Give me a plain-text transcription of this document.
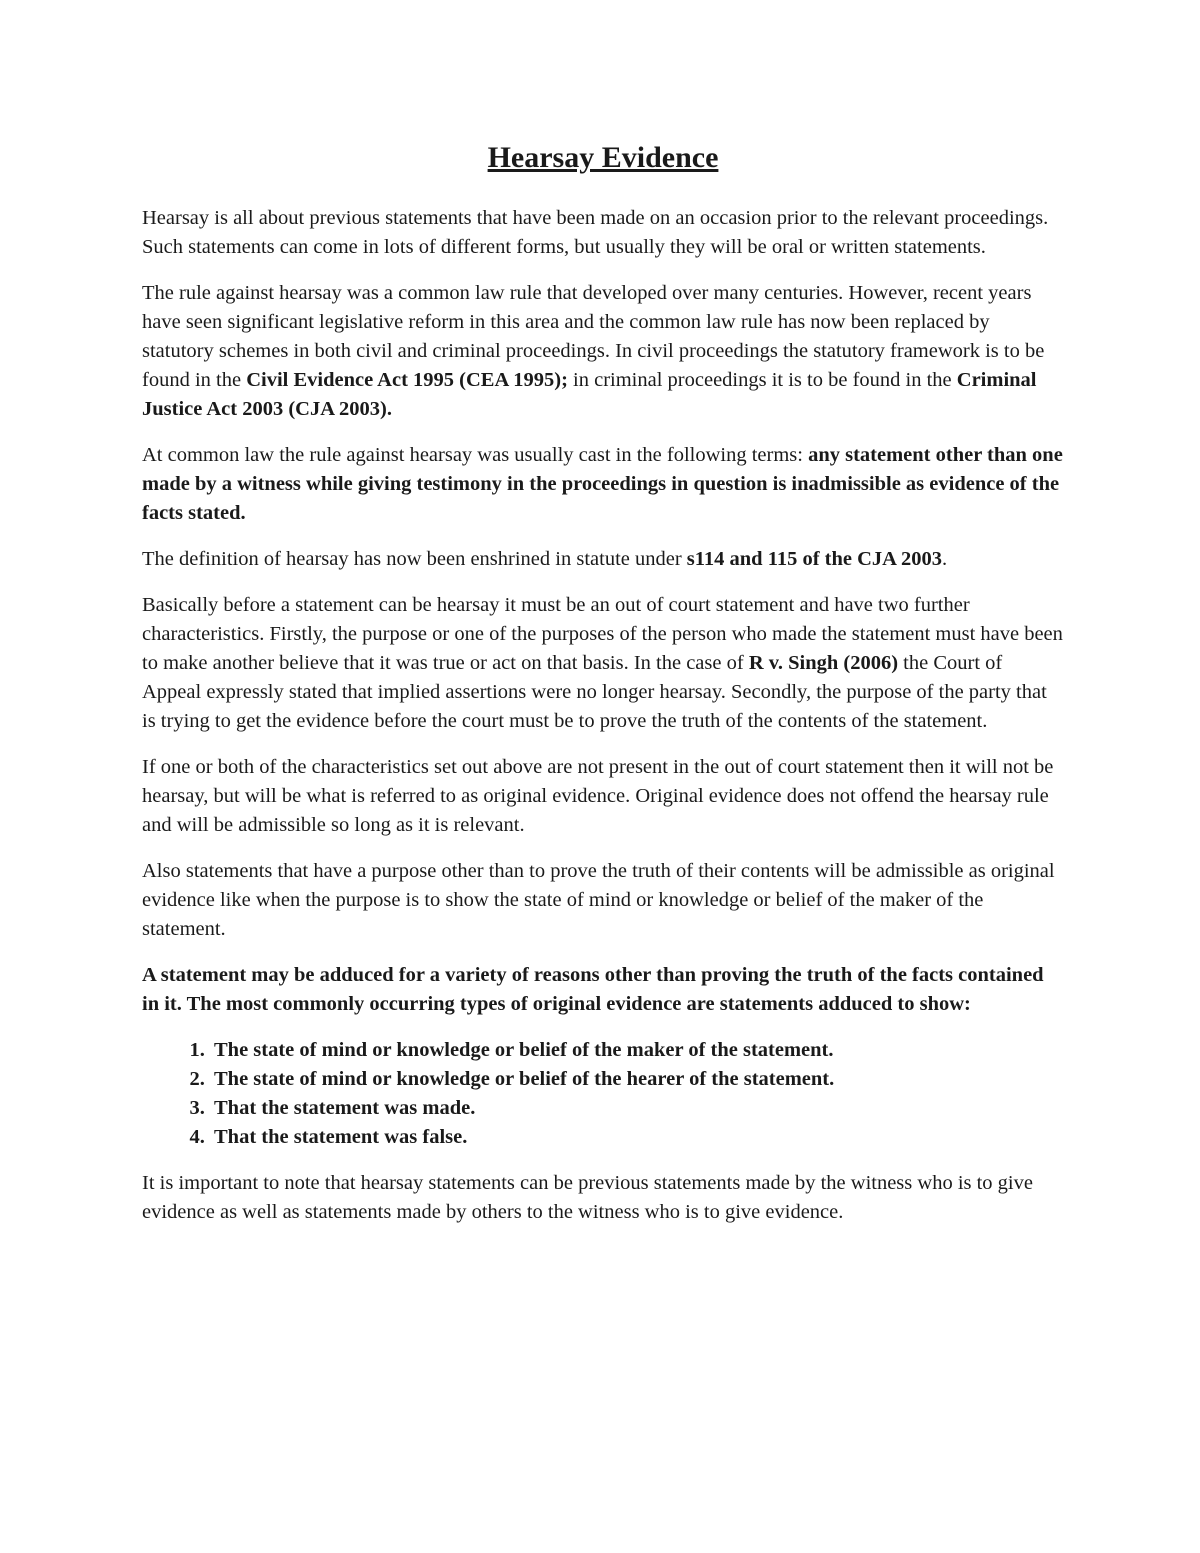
Hearsay Evidence

Hearsay is all about previous statements that have been made on an occasion prior to the relevant proceedings. Such statements can come in lots of different forms, but usually they will be oral or written statements.

The rule against hearsay was a common law rule that developed over many centuries. However, recent years have seen significant legislative reform in this area and the common law rule has now been replaced by statutory schemes in both civil and criminal proceedings. In civil proceedings the statutory framework is to be found in the Civil Evidence Act 1995 (CEA 1995); in criminal proceedings it is to be found in the Criminal Justice Act 2003 (CJA 2003).

At common law the rule against hearsay was usually cast in the following terms: any statement other than one made by a witness while giving testimony in the proceedings in question is inadmissible as evidence of the facts stated.

The definition of hearsay has now been enshrined in statute under s114 and 115 of the CJA 2003.

Basically before a statement can be hearsay it must be an out of court statement and have two further characteristics. Firstly, the purpose or one of the purposes of the person who made the statement must have been to make another believe that it was true or act on that basis. In the case of R v. Singh (2006) the Court of Appeal expressly stated that implied assertions were no longer hearsay. Secondly, the purpose of the party that is trying to get the evidence before the court must be to prove the truth of the contents of the statement.

If one or both of the characteristics set out above are not present in the out of court statement then it will not be hearsay, but will be what is referred to as original evidence. Original evidence does not offend the hearsay rule and will be admissible so long as it is relevant.

Also statements that have a purpose other than to prove the truth of their contents will be admissible as original evidence like when the purpose is to show the state of mind or knowledge or belief of the maker of the statement.

A statement may be adduced for a variety of reasons other than proving the truth of the facts contained in it. The most commonly occurring types of original evidence are statements adduced to show:

1. The state of mind or knowledge or belief of the maker of the statement.
2. The state of mind or knowledge or belief of the hearer of the statement.
3. That the statement was made.
4. That the statement was false.

It is important to note that hearsay statements can be previous statements made by the witness who is to give evidence as well as statements made by others to the witness who is to give evidence.
